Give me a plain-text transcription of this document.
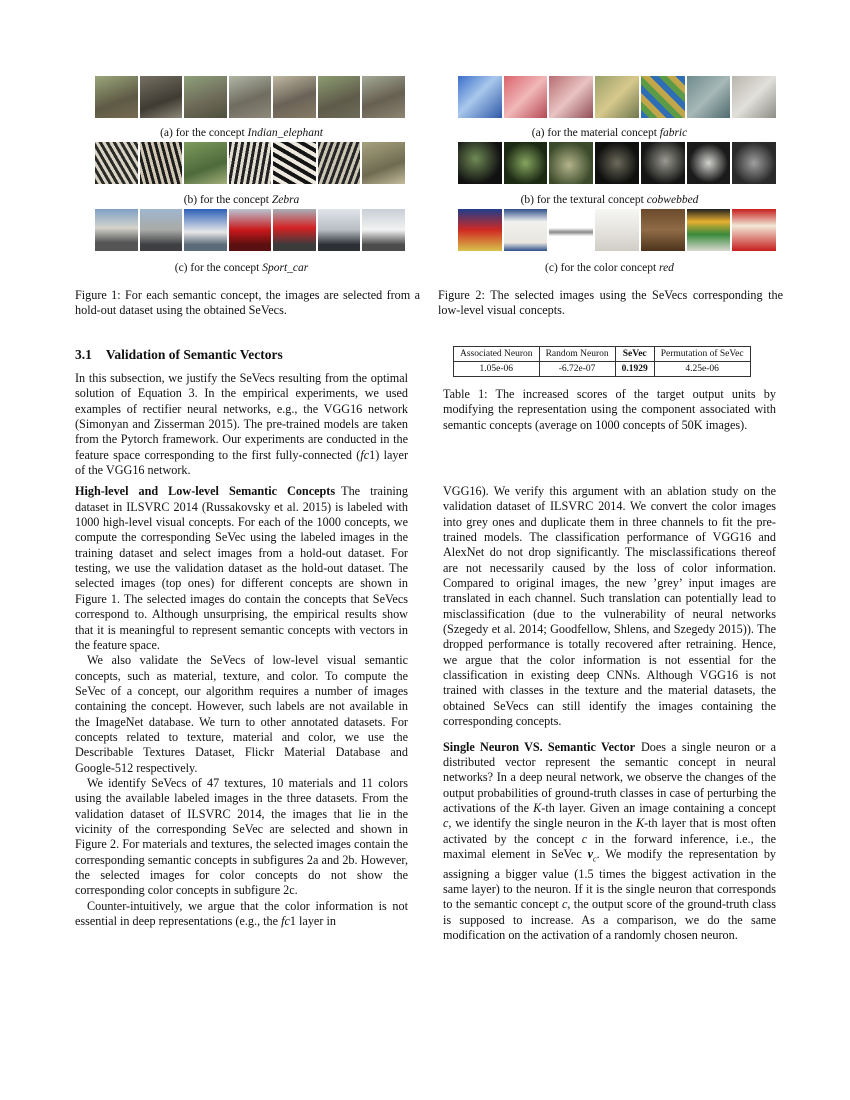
(a) for the concept Indian_elephant
(b) for the concept Zebra
(c) for the concept Sport_car
Figure 1: For each semantic concept, the images are selected from a hold-out dataset using the obtained SeVecs.
3.1 Validation of Semantic Vectors

In this subsection, we justify the SeVecs resulting from the optimal solution of Equation 3. In the empirical experiments, we used examples of rectifier neural networks, e.g., the VGG16 network (Simonyan and Zisserman 2015). The pre-trained models are taken from the Pytorch framework. Our experiments are conducted in the feature space corresponding to the first fully-connected (fc1) layer of the VGG16 network.

High-level and Low-level Semantic Concepts The training dataset in ILSVRC 2014 (Russakovsky et al. 2015) is labeled with 1000 high-level visual concepts. For each of the 1000 concepts, we compute the corresponding SeVec using the labeled images in the training dataset and select images from a hold-out dataset. For testing, we use the validation dataset as the hold-out dataset. The selected images (top ones) for different concepts are shown in Figure 1. The selected images do contain the concepts that SeVecs correspond to. Although unsurprising, the empirical results show that it is meaningful to represent semantic concepts with vectors in the feature space.

We also validate the SeVecs of low-level visual semantic concepts, such as material, texture, and color. To compute the SeVec of a concept, our algorithm requires a number of images containing the concept. However, such labels are not available in the ImageNet database. We turn to other annotated datasets. For concepts related to texture, material and color, we use the Describable Textures Dataset, Flickr Material Database and Google-512 respectively.

We identify SeVecs of 47 textures, 10 materials and 11 colors using the available labeled images in the three datasets. From the validation dataset of ILSVRC 2014, the images that lie in the vicinity of the corresponding SeVec are selected and shown in Figure 2. For materials and textures, the selected images contain the corresponding semantic concepts in subfigures 2a and 2b. However, the selected images for color concepts do not show the corresponding color concepts in subfigure 2c.

Counter-intuitively, we argue that the color information is not essential in deep representations (e.g., the fc1 layer in

(a) for the material concept fabric
(b) for the textural concept cobwebbed
(c) for the color concept red
Figure 2: The selected images using the SeVecs corresponding the low-level visual concepts.
Associated Neuron	Random Neuron	SeVec	Permutation of SeVec
1.05e-06	-6.72e-07	0.1929	4.25e-06
Table 1: The increased scores of the target output units by modifying the representation using the component associated with semantic concepts (average on 1000 concepts of 50K images).

VGG16). We verify this argument with an ablation study on the validation dataset of ILSVRC 2014. We convert the color images into grey ones and duplicate them in three channels to fit the pre-trained models. The classification performance of VGG16 and AlexNet do not drop significantly. The misclassifications thereof are not necessarily caused by the loss of color information. Compared to original images, the new ’grey’ input images are translated in each channel. Such translation can potentially lead to misclassification (due to the vulnerability of neural networks (Szegedy et al. 2014; Goodfellow, Shlens, and Szegedy 2015)). The dropped performance is totally recovered after retraining. Hence, we argue that the color information is not essential for the classification in existing deep CNNs. Although VGG16 is not trained with classes in the texture and the material datasets, the obtained SeVecs can still identify the images containing the corresponding concepts.

Single Neuron VS. Semantic Vector Does a single neuron or a distributed vector represent the semantic concept in neural networks? In a deep neural network, we observe the changes of the output probabilities of ground-truth classes in case of perturbing the activations of the K-th layer. Given an image containing a concept c, we identify the single neuron in the K-th layer that is most often activated by the concept c in the forward inference, i.e., the maximal element in SeVec $v_c$. We modify the representation by assigning a bigger value (1.5 times the biggest activation in the same layer) to the neuron. If it is the single neuron that corresponds to the semantic concept c, the output score of the ground-truth class is supposed to increase. As a comparison, we do the same modification on the activation of a randomly chosen neuron.
